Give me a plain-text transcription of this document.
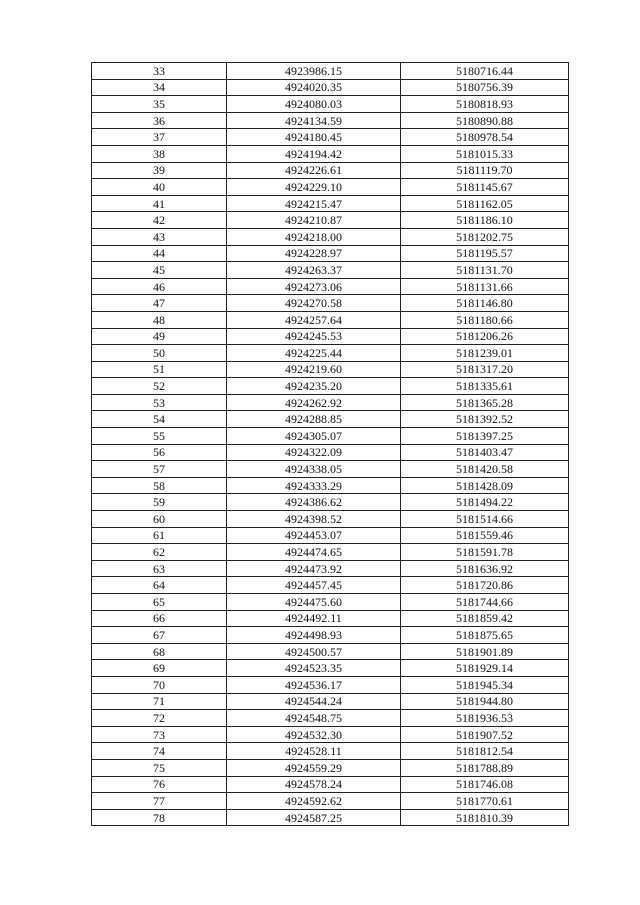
33	4923986.15	5180716.44
34	4924020.35	5180756.39
35	4924080.03	5180818.93
36	4924134.59	5180890.88
37	4924180.45	5180978.54
38	4924194.42	5181015.33
39	4924226.61	5181119.70
40	4924229.10	5181145.67
41	4924215.47	5181162.05
42	4924210.87	5181186.10
43	4924218.00	5181202.75
44	4924228.97	5181195.57
45	4924263.37	5181131.70
46	4924273.06	5181131.66
47	4924270.58	5181146.80
48	4924257.64	5181180.66
49	4924245.53	5181206.26
50	4924225.44	5181239.01
51	4924219.60	5181317.20
52	4924235.20	5181335.61
53	4924262.92	5181365.28
54	4924288.85	5181392.52
55	4924305.07	5181397.25
56	4924322.09	5181403.47
57	4924338.05	5181420.58
58	4924333.29	5181428.09
59	4924386.62	5181494.22
60	4924398.52	5181514.66
61	4924453.07	5181559.46
62	4924474.65	5181591.78
63	4924473.92	5181636.92
64	4924457.45	5181720.86
65	4924475.60	5181744.66
66	4924492.11	5181859.42
67	4924498.93	5181875.65
68	4924500.57	5181901.89
69	4924523.35	5181929.14
70	4924536.17	5181945.34
71	4924544.24	5181944.80
72	4924548.75	5181936.53
73	4924532.30	5181907.52
74	4924528.11	5181812.54
75	4924559.29	5181788.89
76	4924578.24	5181746.08
77	4924592.62	5181770.61
78	4924587.25	5181810.39
